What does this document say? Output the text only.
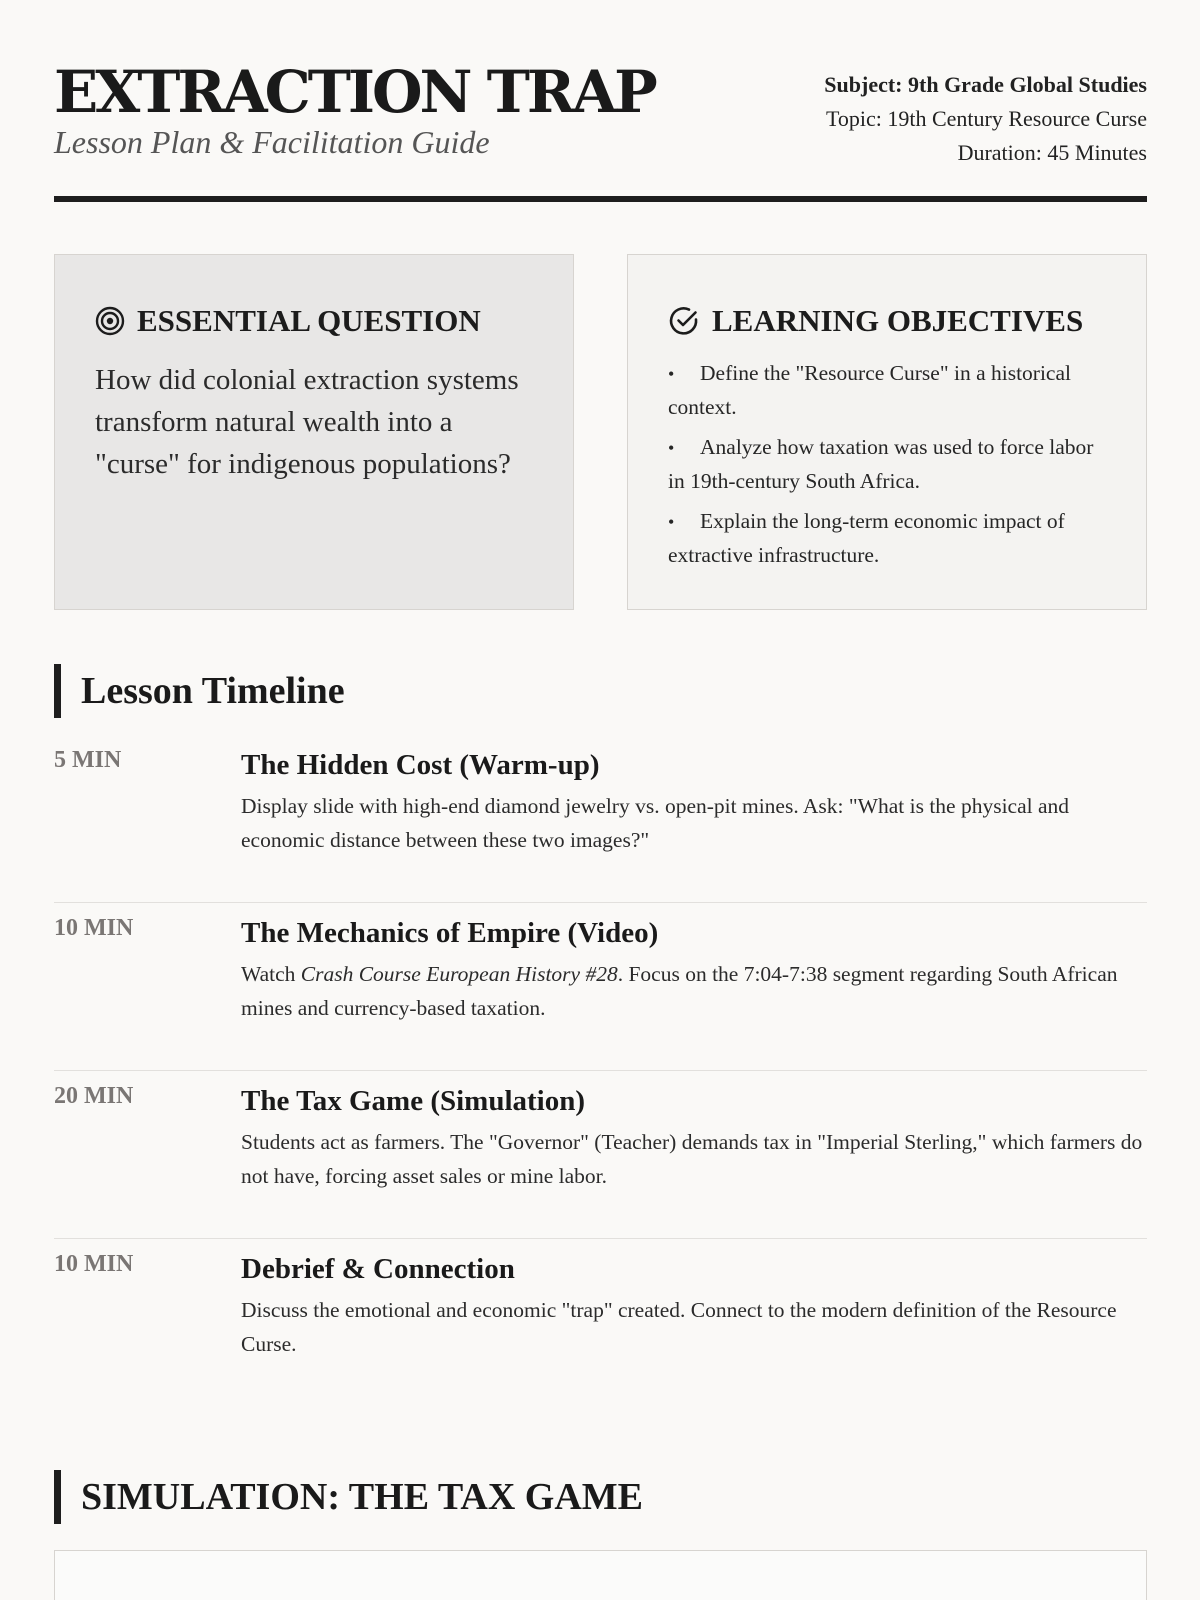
EXTRACTION TRAP
Lesson Plan & Facilitation Guide
Subject: 9th Grade Global Studies
Topic: 19th Century Resource Curse
Duration: 45 Minutes
ESSENTIAL QUESTION
How did colonial extraction systems transform natural wealth into a "curse" for indigenous populations?
LEARNING OBJECTIVES
• Define the "Resource Curse" in a historical context.
• Analyze how taxation was used to force labor in 19th-century South Africa.
• Explain the long-term economic impact of extractive infrastructure.
Lesson Timeline
5 MIN	The Hidden Cost (Warm-up)
Display slide with high-end diamond jewelry vs. open-pit mines. Ask: "What is the physical and economic distance between these two images?"
10 MIN	The Mechanics of Empire (Video)
Watch Crash Course European History #28. Focus on the 7:04-7:38 segment regarding South African mines and currency-based taxation.
20 MIN	The Tax Game (Simulation)
Students act as farmers. The "Governor" (Teacher) demands tax in "Imperial Sterling," which farmers do not have, forcing asset sales or mine labor.
10 MIN	Debrief & Connection
Discuss the emotional and economic "trap" created. Connect to the modern definition of the Resource Curse.
SIMULATION: THE TAX GAME
